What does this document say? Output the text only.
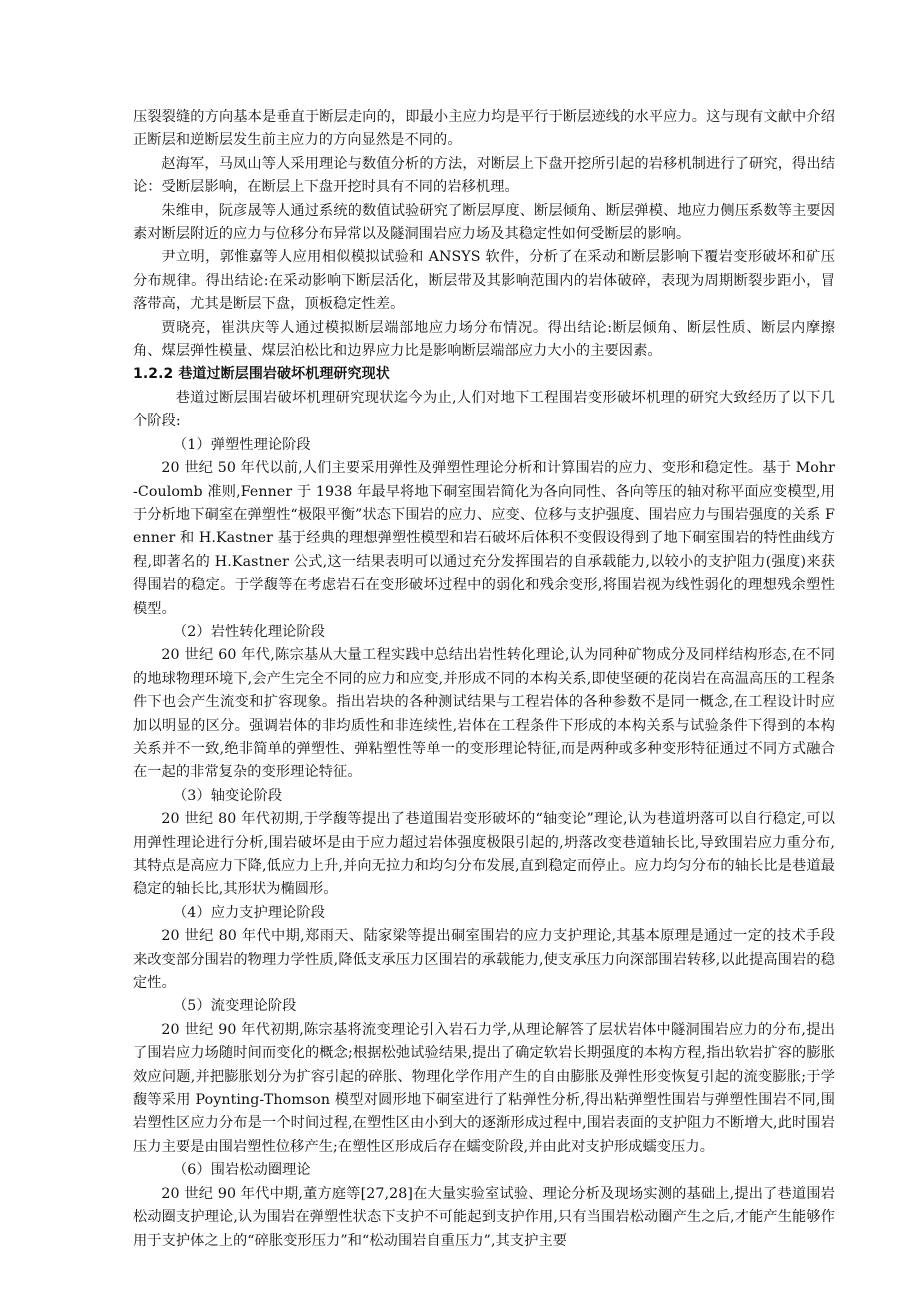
压裂裂缝的方向基本是垂直于断层走向的，即最小主应力均是平行于断层迹线的水平应力。这与现有文献中介绍正断层和逆断层发生前主应力的方向显然是不同的。

赵海军，马凤山等人采用理论与数值分析的方法，对断层上下盘开挖所引起的岩移机制进行了研究，得出结论：受断层影响，在断层上下盘开挖时具有不同的岩移机理。

朱维申，阮彦晟等人通过系统的数值试验研究了断层厚度、断层倾角、断层弹模、地应力侧压系数等主要因素对断层附近的应力与位移分布异常以及隧洞围岩应力场及其稳定性如何受断层的影响。

尹立明，郭惟嘉等人应用相似模拟试验和 ANSYS 软件，分析了在采动和断层影响下覆岩变形破坏和矿压分布规律。得出结论:在采动影响下断层活化，断层带及其影响范围内的岩体破碎，表现为周期断裂步距小，冒落带高，尤其是断层下盘，顶板稳定性差。

贾晓亮，崔洪庆等人通过模拟断层端部地应力场分布情况。得出结论:断层倾角、断层性质、断层内摩擦角、煤层弹性模量、煤层泊松比和边界应力比是影响断层端部应力大小的主要因素。

1.2.2 巷道过断层围岩破坏机理研究现状

巷道过断层围岩破坏机理研究现状迄今为止,人们对地下工程围岩变形破坏机理的研究大致经历了以下几个阶段:

（1）弹塑性理论阶段

20 世纪 50 年代以前,人们主要采用弹性及弹塑性理论分析和计算围岩的应力、变形和稳定性。基于 Mohr-Coulomb 准则,Fenner 于 1938 年最早将地下硐室围岩简化为各向同性、各向等压的轴对称平面应变模型,用于分析地下硐室在弹塑性“极限平衡”状态下围岩的应力、应变、位移与支护强度、围岩应力与围岩强度的关系 Fenner 和 H.Kastner 基于经典的理想弹塑性模型和岩石破坏后体积不变假设得到了地下硐室围岩的特性曲线方程,即著名的 H.Kastner 公式,这一结果表明可以通过充分发挥围岩的自承载能力,以较小的支护阻力(强度)来获得围岩的稳定。于学馥等在考虑岩石在变形破坏过程中的弱化和残余变形,将围岩视为线性弱化的理想残余塑性模型。

（2）岩性转化理论阶段

20 世纪 60 年代,陈宗基从大量工程实践中总结出岩性转化理论,认为同种矿物成分及同样结构形态,在不同的地球物理环境下,会产生完全不同的应力和应变,并形成不同的本构关系,即使坚硬的花岗岩在高温高压的工程条件下也会产生流变和扩容现象。指出岩块的各种测试结果与工程岩体的各种参数不是同一概念,在工程设计时应加以明显的区分。强调岩体的非均质性和非连续性,岩体在工程条件下形成的本构关系与试验条件下得到的本构关系并不一致,绝非简单的弹塑性、弹粘塑性等单一的变形理论特征,而是两种或多种变形特征通过不同方式融合在一起的非常复杂的变形理论特征。

（3）轴变论阶段

20 世纪 80 年代初期,于学馥等提出了巷道围岩变形破坏的“轴变论”理论,认为巷道坍落可以自行稳定,可以用弹性理论进行分析,围岩破坏是由于应力超过岩体强度极限引起的,坍落改变巷道轴长比,导致围岩应力重分布,其特点是高应力下降,低应力上升,并向无拉力和均匀分布发展,直到稳定而停止。应力均匀分布的轴长比是巷道最稳定的轴长比,其形状为椭圆形。

（4）应力支护理论阶段

20 世纪 80 年代中期,郑雨天、陆家梁等提出硐室围岩的应力支护理论,其基本原理是通过一定的技术手段来改变部分围岩的物理力学性质,降低支承压力区围岩的承载能力,使支承压力向深部围岩转移,以此提高围岩的稳定性。

（5）流变理论阶段

20 世纪 90 年代初期,陈宗基将流变理论引入岩石力学,从理论解答了层状岩体中隧洞围岩应力的分布,提出了围岩应力场随时间而变化的概念;根据松弛试验结果,提出了确定软岩长期强度的本构方程,指出软岩扩容的膨胀效应问题,并把膨胀划分为扩容引起的碎胀、物理化学作用产生的自由膨胀及弹性形变恢复引起的流变膨胀;于学馥等采用 Poynting-Thomson 模型对圆形地下硐室进行了粘弹性分析,得出粘弹塑性围岩与弹塑性围岩不同,围岩塑性区应力分布是一个时间过程,在塑性区由小到大的逐渐形成过程中,围岩表面的支护阻力不断增大,此时围岩压力主要是由围岩塑性位移产生;在塑性区形成后存在蠕变阶段,并由此对支护形成蠕变压力。

（6）围岩松动圈理论

20 世纪 90 年代中期,董方庭等[27,28]在大量实验室试验、理论分析及现场实测的基础上,提出了巷道围岩松动圈支护理论,认为围岩在弹塑性状态下支护不可能起到支护作用,只有当围岩松动圈产生之后,才能产生能够作用于支护体之上的“碎胀变形压力”和“松动围岩自重压力”,其支护主要
